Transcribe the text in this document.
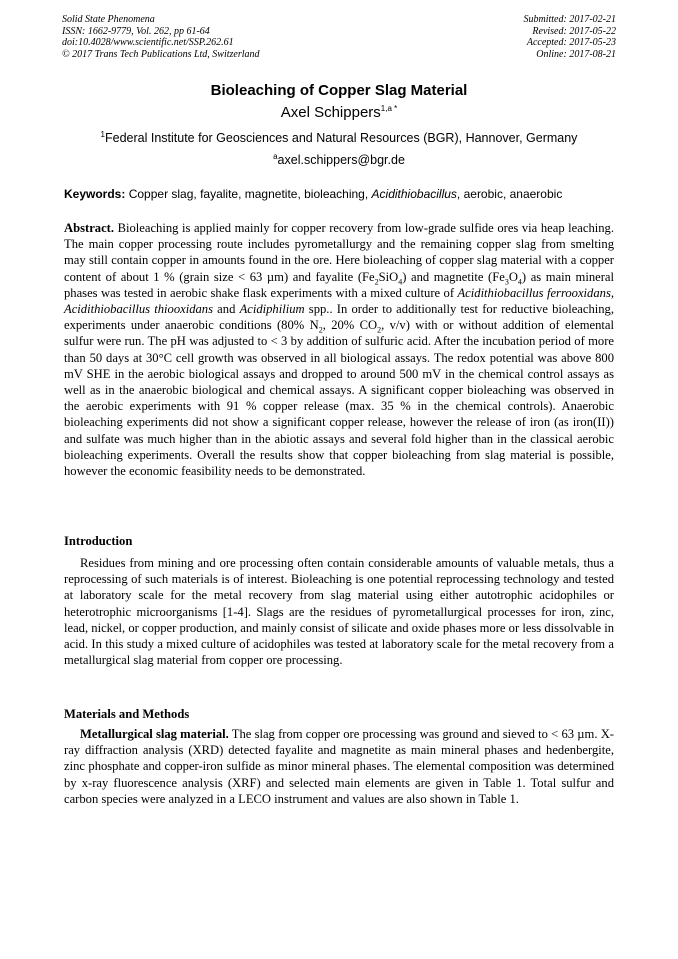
Solid State Phenomena
ISSN: 1662-9779, Vol. 262, pp 61-64
doi:10.4028/www.scientific.net/SSP.262.61
© 2017 Trans Tech Publications Ltd, Switzerland
Submitted: 2017-02-21
Revised: 2017-05-22
Accepted: 2017-05-23
Online: 2017-08-21
Bioleaching of Copper Slag Material
Axel Schippers$^{1,a *}$
$^1$Federal Institute for Geosciences and Natural Resources (BGR), Hannover, Germany
$^a$axel.schippers@bgr.de
Keywords: Copper slag, fayalite, magnetite, bioleaching, Acidithiobacillus, aerobic, anaerobic

Abstract. Bioleaching is applied mainly for copper recovery from low-grade sulfide ores via heap leaching. The main copper processing route includes pyrometallurgy and the remaining copper slag from smelting may still contain copper in amounts found in the ore. Here bioleaching of copper slag material with a copper content of about 1 % (grain size < 63 µm) and fayalite $(Fe_2SiO_4)$ and magnetite $(Fe_3O_4)$ as main mineral phases was tested in aerobic shake flask experiments with a mixed culture of Acidithiobacillus ferrooxidans, Acidithiobacillus thiooxidans and Acidiphilium spp.. In order to additionally test for reductive bioleaching, experiments under anaerobic conditions (80% $N_2$, 20% $CO_2$, v/v) with or without addition of elemental sulfur were run. The pH was adjusted to < 3 by addition of sulfuric acid. After the incubation period of more than 50 days at 30°C cell growth was observed in all biological assays. The redox potential was above 800 mV SHE in the aerobic biological assays and dropped to around 500 mV in the chemical control assays as well as in the anaerobic biological and chemical assays. A significant copper bioleaching was observed in the aerobic experiments with 91 % copper release (max. 35 % in the chemical controls). Anaerobic bioleaching experiments did not show a significant copper release, however the release of iron (as iron(II)) and sulfate was much higher than in the abiotic assays and several fold higher than in the classical aerobic bioleaching experiments. Overall the results show that copper bioleaching from slag material is possible, however the economic feasibility needs to be demonstrated.

Introduction

Residues from mining and ore processing often contain considerable amounts of valuable metals, thus a reprocessing of such materials is of interest. Bioleaching is one potential reprocessing technology and tested at laboratory scale for the metal recovery from slag material using either autotrophic acidophiles or heterotrophic microorganisms [1-4]. Slags are the residues of pyrometallurgical processes for iron, zinc, lead, nickel, or copper production, and mainly consist of silicate and oxide phases more or less dissolvable in acid. In this study a mixed culture of acidophiles was tested at laboratory scale for the metal recovery from a metallurgical slag material from copper ore processing.

Materials and Methods

Metallurgical slag material. The slag from copper ore processing was ground and sieved to < 63 µm. X-ray diffraction analysis (XRD) detected fayalite and magnetite as main mineral phases and hedenbergite, zinc phosphate and copper-iron sulfide as minor mineral phases. The elemental composition was determined by x-ray fluorescence analysis (XRF) and selected main elements are given in Table 1. Total sulfur and carbon species were analyzed in a LECO instrument and values are also shown in Table 1.
